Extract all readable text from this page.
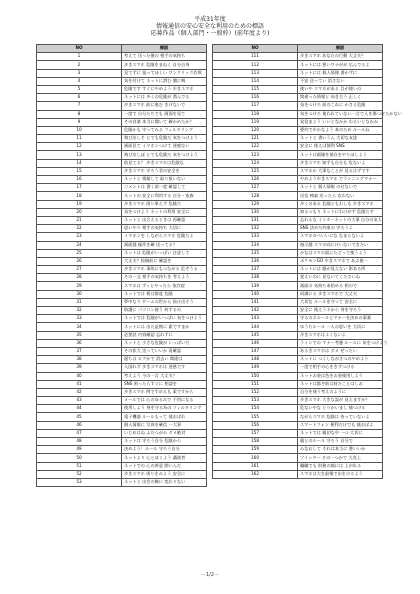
平成31年度
情報通信の安心安全な利用のための標語
応募作品（個人部門・一般枠）(前年度より)
NO	標語
1	考えて 送った後の 相手の気持ち
2	歩きスマホ 危険をまねく 自分自身
3	見てずに 狙ってほしい ワンクリック詐欺
4	気を付けて ネットに潜む 闇に鳴
5	危険です すぐにやめよう 歩きスマホ
6	ネットには 多くの危険が 潜んでる
7	歩きスマホ 前に進む きけないで
8	一度で 自分たちでも 画面を見て
9	その音楽 本当に聞いて 確かめたか？
10	危険かも 守ってみる フィルタリング
11	飛び出しそ とても危険だ 気をつけよう
12	画面見て イヤホンつけて 迷惑ない
13	飛び出しぼ とても危険だ 気をつけよう
14	前見てる？ 歩きスマホは危険な
15	歩きスマホ 守ろう君の安全を
16	ネットと 情報して 取り扱いない
17	コメントは 書く前一度 確認して
18	ネットの 安全に利用する 自分・家族
19	歩きスマホ 困り果えず 危険だ
20	気をつけよう ネットの利用 安全に
21	ネットと 出合えるときは 再確認
22	思いやり 相手の気持ち 大切に
23	イヤホンを しながらスマホ 危険だよ
24	画面越 操作を確 送ってる？
25	ネットは 危険がいっぱい 注意して
26	大丈夫？投稿前に 確認を
27	歩きスマホ 事故にもつながる 危ぞうる
28	その一文 相手の気持ちを 考えよう
29	スマホは ずっとやったら 依存症
30	ネットでは 相は都度 危険
31	夢中なり ゲームの世から 抜け出そう
32	防護に パソコン使う 何するの
33	ネットでは 危険がいっぱい 気をつけよう
34	ネットには 出た証拠に 素ですまか
35	必要話 内容確認 忘れずに
36	ネットと 小さな危険が いっぱいだ
37	その拡大 送っていいか 再確認
38	遅ちは ログかで 消去い 間違は
39	入国れず 歩きスマホは 迷惑です
40	考えよう 今の一言 大丈夫？
41	SNS 困ったらすぐに 相談を
42	歩きスマホ 例ですめるも 案ですから
43	メールでは 心のゆるみで 不用になる
44	使用しよう 身を守る為の フィルタリング
45	電子機器 ルールもって 使おばれ
46	個人情報に 写真を確信 一大事
47	いじめはね ふだつがみ ダメ絶対
48	ネットは 守ろう自分 危険から
49	決めよう！ルール 守ろう自分
50	ネットより 心とぼくよう 講演者
51	ネットでの 心の善意 開いんだ
52	歩きスマホ 周りをみよう 安全に
53	ネットと 出会の権に 変わりない
NO	標語
111	歩きスマホ あなたの行動 大丈夫？
112	ネットには 悪いワナがが 広んでるよ
113	ネットには 個人情報 書かずに
114	不安 送ってい 消さない
115	使いや スマホがある 目が使いの
116	間違った情報と 向き合う 正しく
117	気をつけろ 前のこれに かさる危険
118	気をつけろ 使われていない一言で人を傷つけたかない
119	発信まよう いいとなかか わるいとなかか
120	要約で歩かなよう 本のため ルールね
121	ネットと 書いうん 大切な友達
122	安全に 使えば便利 SNS
123	ネットは画像を保存をやりほしよう
124	歩きスマホ 知手も自分も 危ないよ
125	スマホか 大事なことが 見るはずです
126	やめよう歩きスマホ でランニングマナー
127	ネットと 個人情報 のせないで
128	送信 検索 送ったら 次わない
129	歩くのある 危険ともわしも 歩きスマホ
130	知るつもり ネットにわけがず 危険だぞ
131	忘れるな インターネットの大事 自分の気人
132	SNS 決めた約束の 守ろうよ
133	スマホのべいいにな なまらないよ
134	指示越 スマホ向にけいないできたい
135	かなはスマホ面にたどって使うよう
136	ポケモンGO 歩きスマホで あぶ使一
137	ネットには 顔が見えない 影ある所
138	覚えいのに 見ないてくださいね
139	画面の 気持ちあ拾める 相ので
140	同調にる 歩きスマホで 大丈夫
141	大切な ルールを守って 安全に
142	安全に 使えうネから 身を守ろう
143	守るのネルールとマナーを決めの事業
144	ゆうちルール 一人の思いを 大切に
145	歩きスマホはよくないよ
146	ラインでの マナー考慮 ルールに 気をつけよう
147	あるきスマホは ダメ ぜったい
148	ネットに つくしながさつのやめよう
149	一度で相手の心をきずつける
150	ネットお金は色をお金使用しよう
151	ネットは都ぞ前は持たことはしお
152	自分を使う考えのように
153	歩きスマホ 大きな誤が 見えますか？
154	危ないやな とりかいまし 様つける
155	ながらスマホ 危険は 待っていないよ
156	スマートフォン 便利だけでも 使おばよ
157	ネットでは 親切な中 一つ 大切に
158	親とのルール 守ろう 自分で
159	みなおして それは本当に 書いいか
160	ツイッター その一つかで 大炎上
161	職職でも 財務の顔には 上がれる
162	スマホは大を最後で出をけるよう
－1/2－
